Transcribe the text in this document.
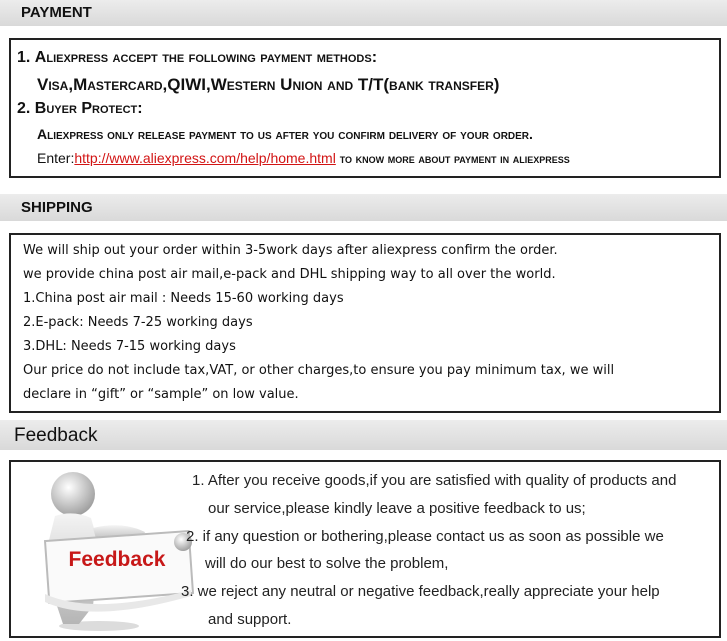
PAYMENT
1. Aliexpress accept the following payment methods:
Visa,Mastercard,QIWI,Western Union and T/T(bank transfer)
2. Buyer Protect:
Aliexpress only release payment to us after you confirm delivery of your order.
Enter:http://www.aliexpress.com/help/home.html to know more about payment in aliexpress
SHIPPING
We will ship out your order within 3-5work days after aliexpress confirm the order.
we provide china post air mail,e-pack and DHL shipping way to all over the world.
1.China post air mail : Needs 15-60 working days
2.E-pack: Needs 7-25 working days
3.DHL: Needs 7-15 working days
Our price do not include tax,VAT, or other charges,to ensure you pay minimum tax, we will
declare in “gift” or “sample” on low value.
Feedback
Feedback
1. After you receive goods,if you are satisfied with quality of products and
our service,please kindly leave a positive feedback to us;
2. if any question or bothering,please contact us as soon as possible we
will do our best to solve the problem,
3. we reject any neutral or negative feedback,really appreciate your help
and support.
